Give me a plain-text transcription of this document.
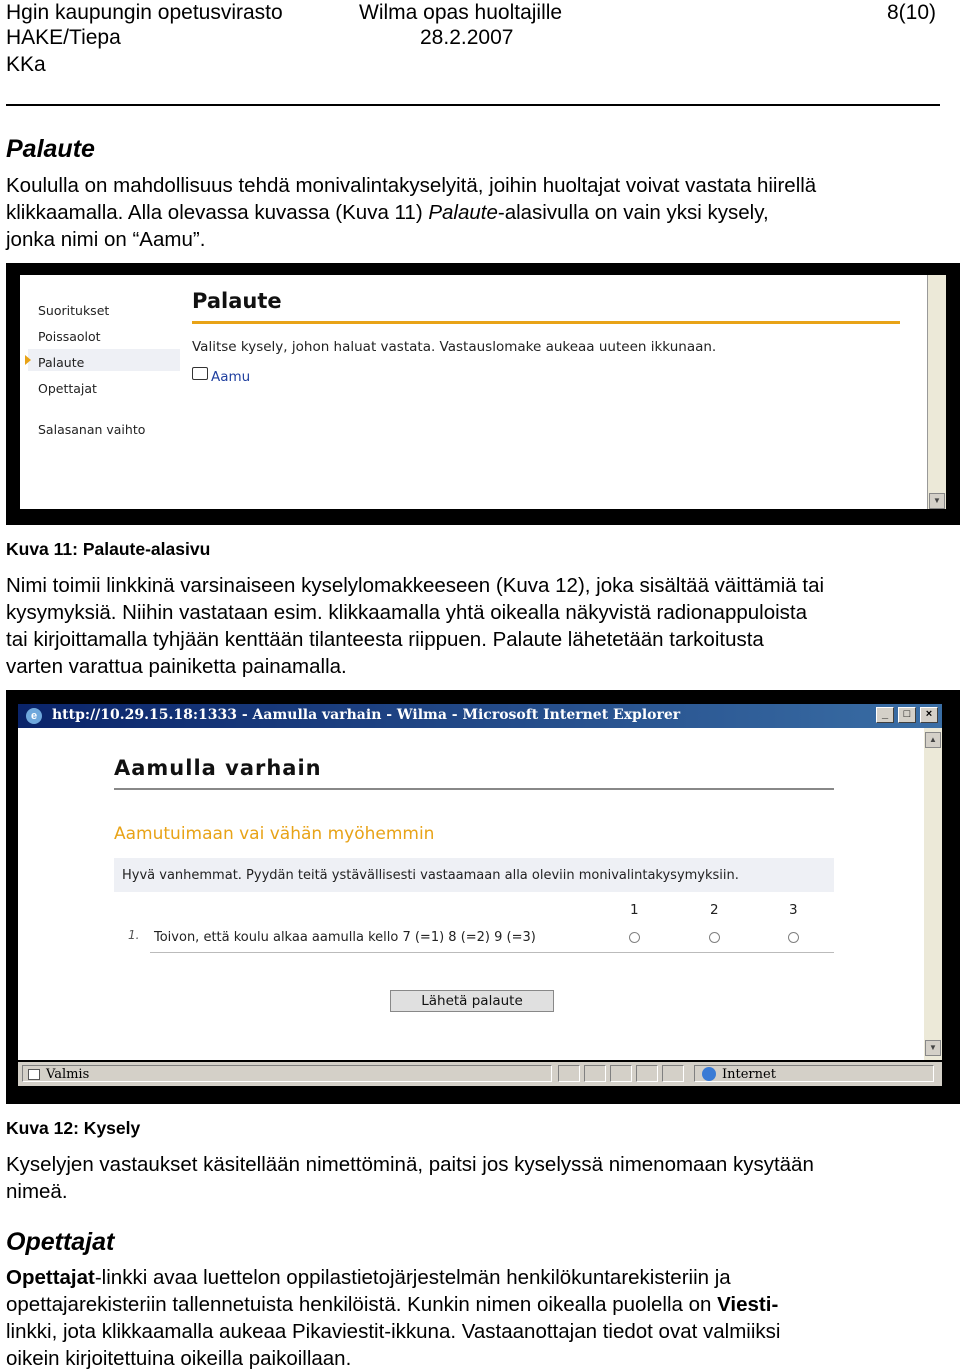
Hgin kaupungin opetusvirasto	Wilma opas huoltajille	8(10)
HAKE/Tiepa	28.2.2007
KKa
Palaute

Koululla on mahdollisuus tehdä monivalintakyselyitä, joihin huoltajat voivat vastata hiirellä
klikkaamalla. Alla olevassa kuvassa (Kuva 11) Palaute-alasivulla on vain yksi kysely,
jonka nimi on “Aamu”.

Suoritukset
Poissaolot
Palaute
Opettajat
Salasanan vaihto
Palaute
Valitse kysely, johon haluat vastata. Vastauslomake aukeaa uuteen ikkunaan.
Aamu
▼
Kuva 11: Palaute-alasivu

Nimi toimii linkkinä varsinaiseen kyselylomakkeeseen (Kuva 12), joka sisältää väittämiä tai
kysymyksiä. Niihin vastataan esim. klikkaamalla yhtä oikealla näkyvistä radionappuloista
tai kirjoittamalla tyhjään kenttään tilanteesta riippuen. Palaute lähetetään tarkoitusta
varten varattua painiketta painamalla.

e	http://10.29.15.18:1333 - Aamulla varhain - Wilma - Microsoft Internet Explorer	_	□	×
Aamulla varhain
Aamutuimaan vai vähän myöhemmin
Hyvä vanhemmat. Pyydän teitä ystävällisesti vastaamaan alla oleviin monivalintakysymyksiin.
1	2	3
1. Toivon, että koulu alkaa aamulla kello 7 (=1) 8 (=2) 9 (=3)
Lähetä palaute
▲
▼
Valmis	Internet
Kuva 12: Kysely

Kyselyjen vastaukset käsitellään nimettöminä, paitsi jos kyselyssä nimenomaan kysytään
nimeä.

Opettajat

Opettajat-linkki avaa luettelon oppilastietojärjestelmän henkilökuntarekisteriin ja
opettajarekisteriin tallennetuista henkilöistä. Kunkin nimen oikealla puolella on Viesti-
linkki, jota klikkaamalla aukeaa Pikaviestit-ikkuna. Vastaanottajan tiedot ovat valmiiksi
oikein kirjoitettuina oikeilla paikoillaan.
